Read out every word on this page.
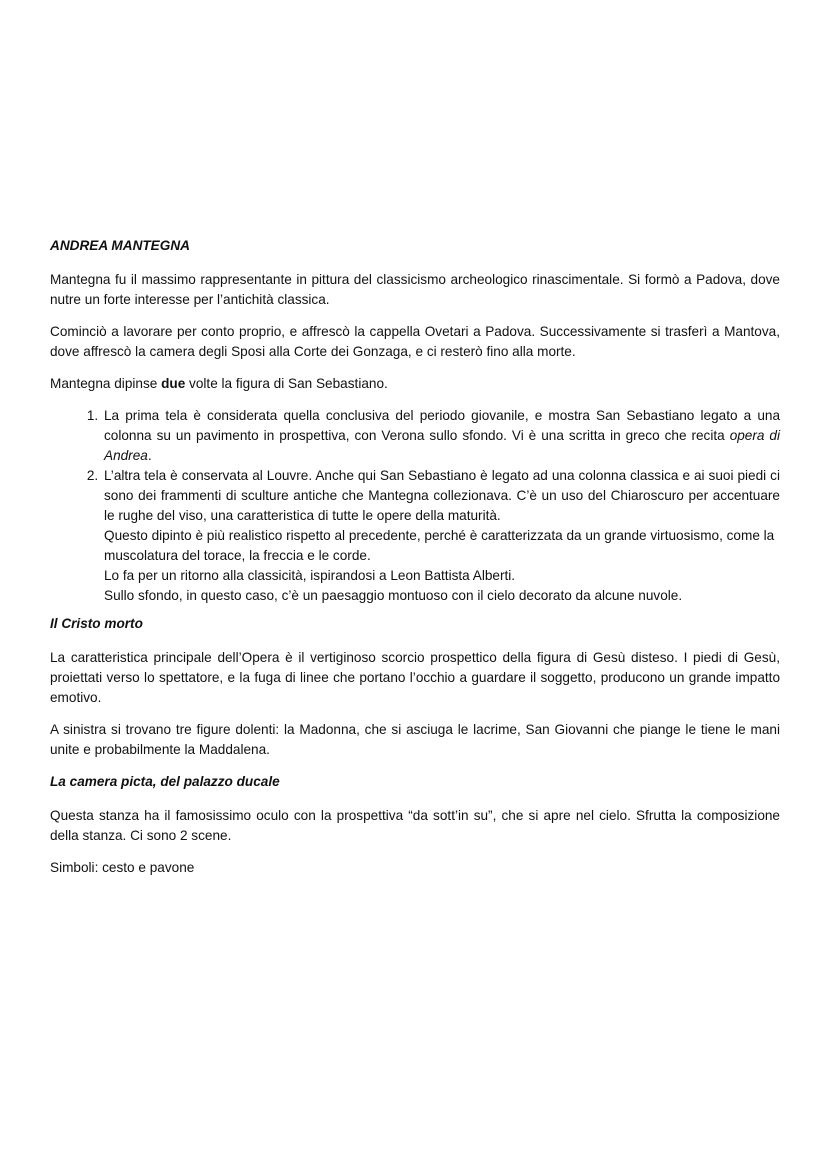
ANDREA MANTEGNA

Mantegna fu il massimo rappresentante in pittura del classicismo archeologico rinascimentale. Si formò a Padova, dove nutre un forte interesse per l’antichità classica.

Cominciò a lavorare per conto proprio, e affrescò la cappella Ovetari a Padova. Successivamente si trasferì a Mantova, dove affrescò la camera degli Sposi alla Corte dei Gonzaga, e ci resterò fino alla morte.

Mantegna dipinse due volte la figura di San Sebastiano.

1. La prima tela è considerata quella conclusiva del periodo giovanile, e mostra San Sebastiano legato a una colonna su un pavimento in prospettiva, con Verona sullo sfondo. Vi è una scritta in greco che recita opera di Andrea.
2. L’altra tela è conservata al Louvre. Anche qui San Sebastiano è legato ad una colonna classica e ai suoi piedi ci sono dei frammenti di sculture antiche che Mantegna collezionava. C’è un uso del Chiaroscuro per accentuare le rughe del viso, una caratteristica di tutte le opere della maturità.
Questo dipinto è più realistico rispetto al precedente, perché è caratterizzata da un grande virtuosismo, come la muscolatura del torace, la freccia e le corde.
Lo fa per un ritorno alla classicità, ispirandosi a Leon Battista Alberti.
Sullo sfondo, in questo caso, c’è un paesaggio montuoso con il cielo decorato da alcune nuvole.

Il Cristo morto

La caratteristica principale dell’Opera è il vertiginoso scorcio prospettico della figura di Gesù disteso. I piedi di Gesù, proiettati verso lo spettatore, e la fuga di linee che portano l’occhio a guardare il soggetto, producono un grande impatto emotivo.

A sinistra si trovano tre figure dolenti: la Madonna, che si asciuga le lacrime, San Giovanni che piange le tiene le mani unite e probabilmente la Maddalena.

La camera picta, del palazzo ducale

Questa stanza ha il famosissimo oculo con la prospettiva “da sott’in su”, che si apre nel cielo. Sfrutta la composizione della stanza. Ci sono 2 scene.

Simboli: cesto e pavone
